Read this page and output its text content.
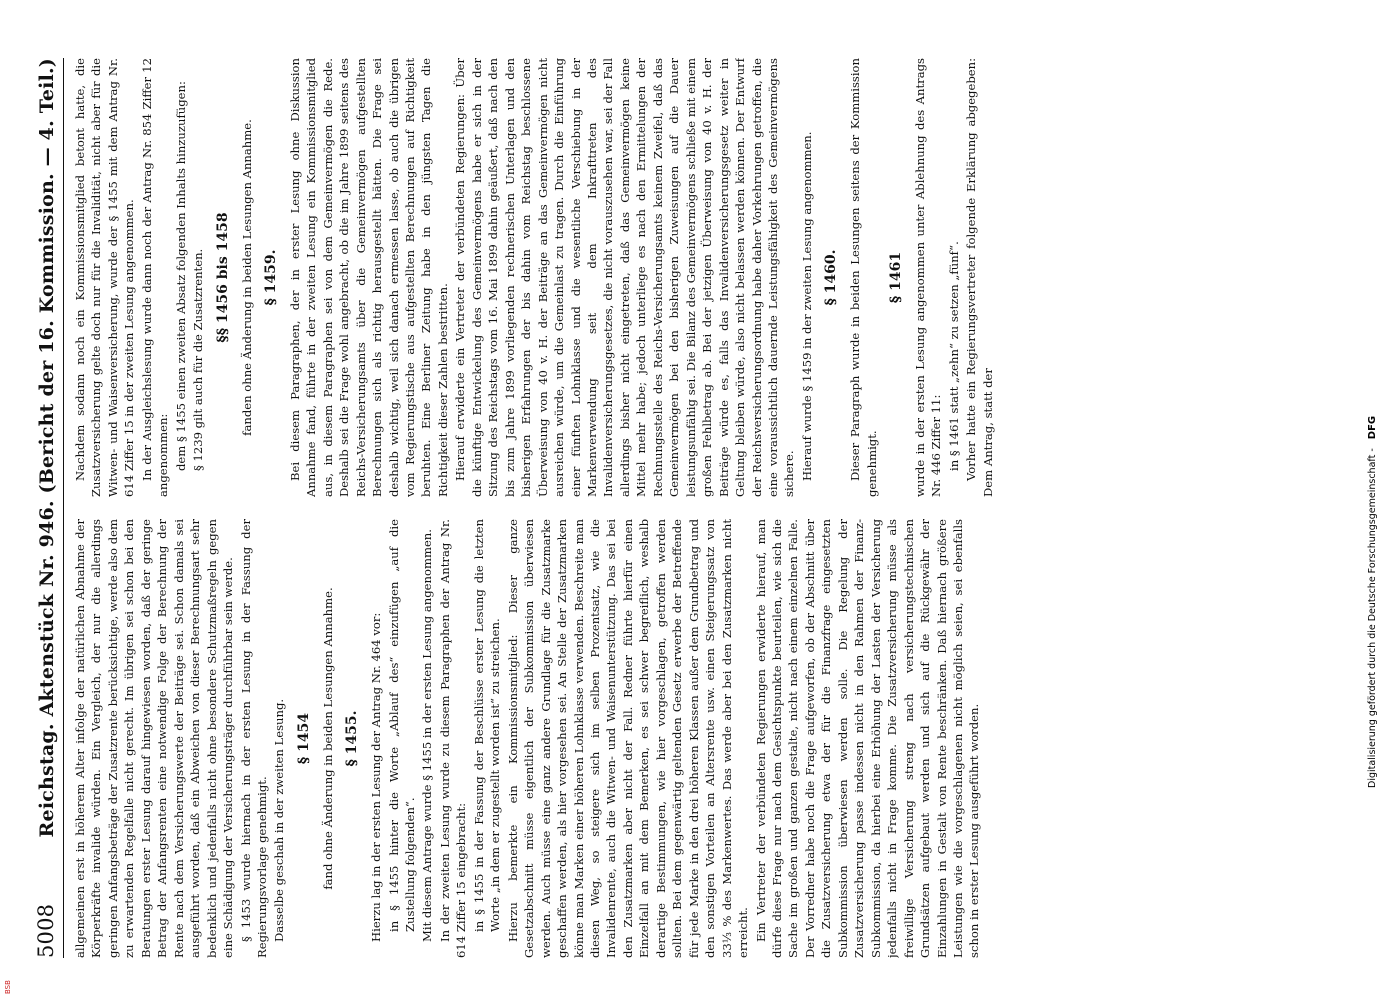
5008
Reichstag. Aktenstück Nr. 946. (Bericht der 16. Kommission. — 4. Teil.) allgemeinen erst in höherem Alter infolge der natürlichen Abnahme der Körperkräfte invalide würden. Ein Vergleich, der nur die allerdings geringen Anfangsbeträge der Zusatzrente berücksichtige, werde also dem zu erwartenden Regelfalle nicht gerecht. Im übrigen sei schon bei den Beratungen erster Lesung darauf hingewiesen worden, daß der geringe Betrag der Anfangsrenten eine notwendige Folge der Berechnung der Rente nach dem Versicherungswerte der Beiträge sei. Schon damals sei ausgeführt worden, daß ein Abweichen von dieser Berechnungsart sehr bedenklich und jedenfalls nicht ohne besondere Schutzmaßregeln gegen eine Schädigung der Versicherungsträger durchführbar sein werde. § 1453 wurde hiernach in der ersten Lesung in der Fassung der Regierungsvorlage genehmigt. Dasselbe geschah in der zweiten Lesung. § 1454 fand ohne Änderung in beiden Lesungen Annahme. § 1455. Hierzu lag in der ersten Lesung der Antrag Nr. 464 vor: in § 1455 hinter die Worte „Ablauf des“ einzufügen „auf die Zustellung folgenden“. Mit diesem Antrage wurde § 1455 in der ersten Lesung angenommen. In der zweiten Lesung wurde zu diesem Paragraphen der Antrag Nr. 614 Ziffer 15 eingebracht: in § 1455 in der Fassung der Beschlüsse erster Lesung die letzten Worte „in dem er zugestellt worden ist“ zu streichen. Hierzu bemerkte ein Kommissionsmitglied: Dieser ganze Gesetzabschnitt müsse eigentlich der Subkommission überwiesen werden. Auch müsse eine ganz andere Grundlage für die Zusatzmarke geschaffen werden, als hier vorgesehen sei. An Stelle der Zusatzmarken könne man Marken einer höheren Lohnklasse verwenden. Beschreite man diesen Weg, so steigere sich im selben Prozentsatz, wie die Invalidenrente, auch die Witwen- und Waisenunterstützung. Das sei bei den Zusatzmarken aber nicht der Fall. Redner führte hierfür einen Einzelfall an mit dem Bemerken, es sei schwer begreiflich, weshalb derartige Bestimmungen, wie hier vorgeschlagen, getroffen werden sollten. Bei dem gegenwärtig geltenden Gesetz erwerbe der Betreffende für jede Marke in den drei höheren Klassen außer dem Grundbetrag und den sonstigen Vorteilen an Altersrente usw. einen Steigerungssatz von 33⅓ % des Markenwertes. Das werde aber bei den Zusatzmarken nicht erreicht. Ein Vertreter der verbündeten Regierungen erwiderte hierauf, man dürfe diese Frage nur nach dem Gesichtspunkte beurteilen, wie sich die Sache im großen und ganzen gestalte, nicht nach einem einzelnen Falle. Der Vorredner habe noch die Frage aufgeworfen, ob der Abschnitt über die Zusatzversicherung etwa der für die Finanzfrage eingesetzten Subkommission überwiesen werden solle. Die Regelung der Zusatzversicherung passe indessen nicht in den Rahmen der Finanz-Subkommission, da hierbei eine Erhöhung der Lasten der Versicherung jedenfalls nicht in Frage komme. Die Zusatzversicherung müsse als freiwillige Versicherung streng nach versicherungstechnischen Grundsätzen aufgebaut werden und sich auf die Rückgewähr der Einzahlungen in Gestalt von Rente beschränken. Daß hiernach größere Leistungen wie die vorgeschlagenen nicht möglich seien, sei ebenfalls schon in erster Lesung ausgeführt worden.

Nachdem sodann noch ein Kommissionsmitglied betont hatte, die Zusatzversicherung gelte doch nur für die Invalidität, nicht aber für die Witwen- und Waisenversicherung, wurde der § 1455 mit dem Antrag Nr. 614 Ziffer 15 in der zweiten Lesung angenommen. In der Ausgleichslesung wurde dann noch der Antrag Nr. 854 Ziffer 12 angenommen: dem § 1455 einen zweiten Absatz folgenden Inhalts hinzuzufügen: § 1239 gilt auch für die Zusatzrenten. §§ 1456 bis 1458 fanden ohne Änderung in beiden Lesungen Annahme. § 1459. Bei diesem Paragraphen, der in erster Lesung ohne Diskussion Annahme fand, führte in der zweiten Lesung ein Kommissionsmitglied aus, in diesem Paragraphen sei von dem Gemeinvermögen die Rede. Deshalb sei die Frage wohl angebracht, ob die im Jahre 1899 seitens des Reichs-Versicherungsamts über die Gemeinvermögen aufgestellten Berechnungen sich als richtig herausgestellt hätten. Die Frage sei deshalb wichtig, weil sich danach ermessen lasse, ob auch die übrigen vom Regierungstische aus aufgestellten Berechnungen auf Richtigkeit beruhten. Eine Berliner Zeitung habe in den jüngsten Tagen die Richtigkeit dieser Zahlen bestritten. Hierauf erwiderte ein Vertreter der verbündeten Regierungen: Über die künftige Entwickelung des Gemeinvermögens habe er sich in der Sitzung des Reichstags vom 16. Mai 1899 dahin geäußert, daß nach den bis zum Jahre 1899 vorliegenden rechnerischen Unterlagen und den bisherigen Erfahrungen der bis dahin vom Reichstag beschlossene Überweisung von 40 v. H. der Beiträge an das Gemeinvermögen nicht ausreichen würde, um die Gemeinlast zu tragen. Durch die Einführung einer fünften Lohnklasse und die wesentliche Verschiebung in der Markenverwendung seit dem Inkrafttreten des Invalidenversicherungsgesetzes, die nicht vorauszusehen war, sei der Fall allerdings bisher nicht eingetreten, daß das Gemeinvermögen keine Mittel mehr habe; jedoch unterliege es nach den Ermittelungen der Rechnungsstelle des Reichs-Versicherungsamts keinem Zweifel, daß das Gemeinvermögen bei den bisherigen Zuweisungen auf die Dauer leistungsunfähig sei. Die Bilanz des Gemeinvermögens schließe mit einem großen Fehlbetrag ab. Bei der jetzigen Überweisung von 40 v. H. der Beiträge würde es, falls das Invalidenversicherungsgesetz weiter in Geltung bleiben würde, also nicht belassen werden können. Der Entwurf der Reichsversicherungsordnung habe daher Vorkehrungen getroffen, die eine voraussichtlich dauernde Leistungsfähigkeit des Gemeinvermögens sichere. Hierauf wurde § 1459 in der zweiten Lesung angenommen. § 1460. Dieser Paragraph wurde in beiden Lesungen seitens der Kommission genehmigt.

§ 1461 wurde in der ersten Lesung angenommen unter Ablehnung des Antrags Nr. 446 Ziffer 11: in § 1461 statt „zehn“ zu setzen „fünf“. Vorher hatte ein Regierungsvertreter folgende Erklärung abgegeben: Dem Antrag, statt der

Digitalisierung gefördert durch die Deutsche Forschungsgemeinschaft - DFG
BSB
